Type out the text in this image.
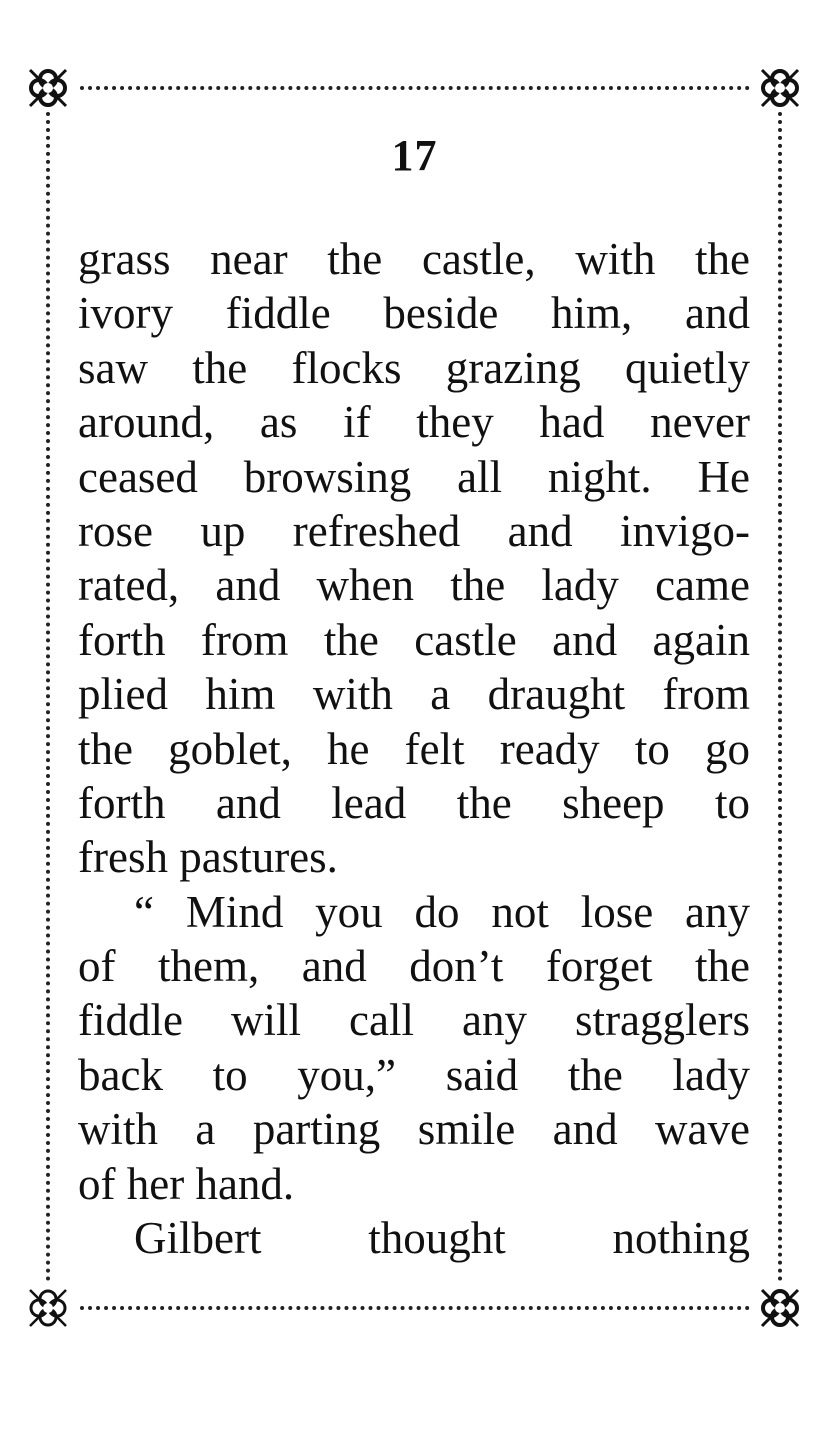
17
grass near the castle, with the
ivory fiddle beside him, and
saw the flocks grazing quietly
around, as if they had never
ceased browsing all night. He
rose up refreshed and invigo-
rated, and when the lady came
forth from the castle and again
plied him with a draught from
the goblet, he felt ready to go
forth and lead the sheep to
fresh pastures.
“ Mind you do not lose any
of them, and don’t forget the
fiddle will call any stragglers
back to you,” said the lady
with a parting smile and wave
of her hand.
Gilbert thought nothing
